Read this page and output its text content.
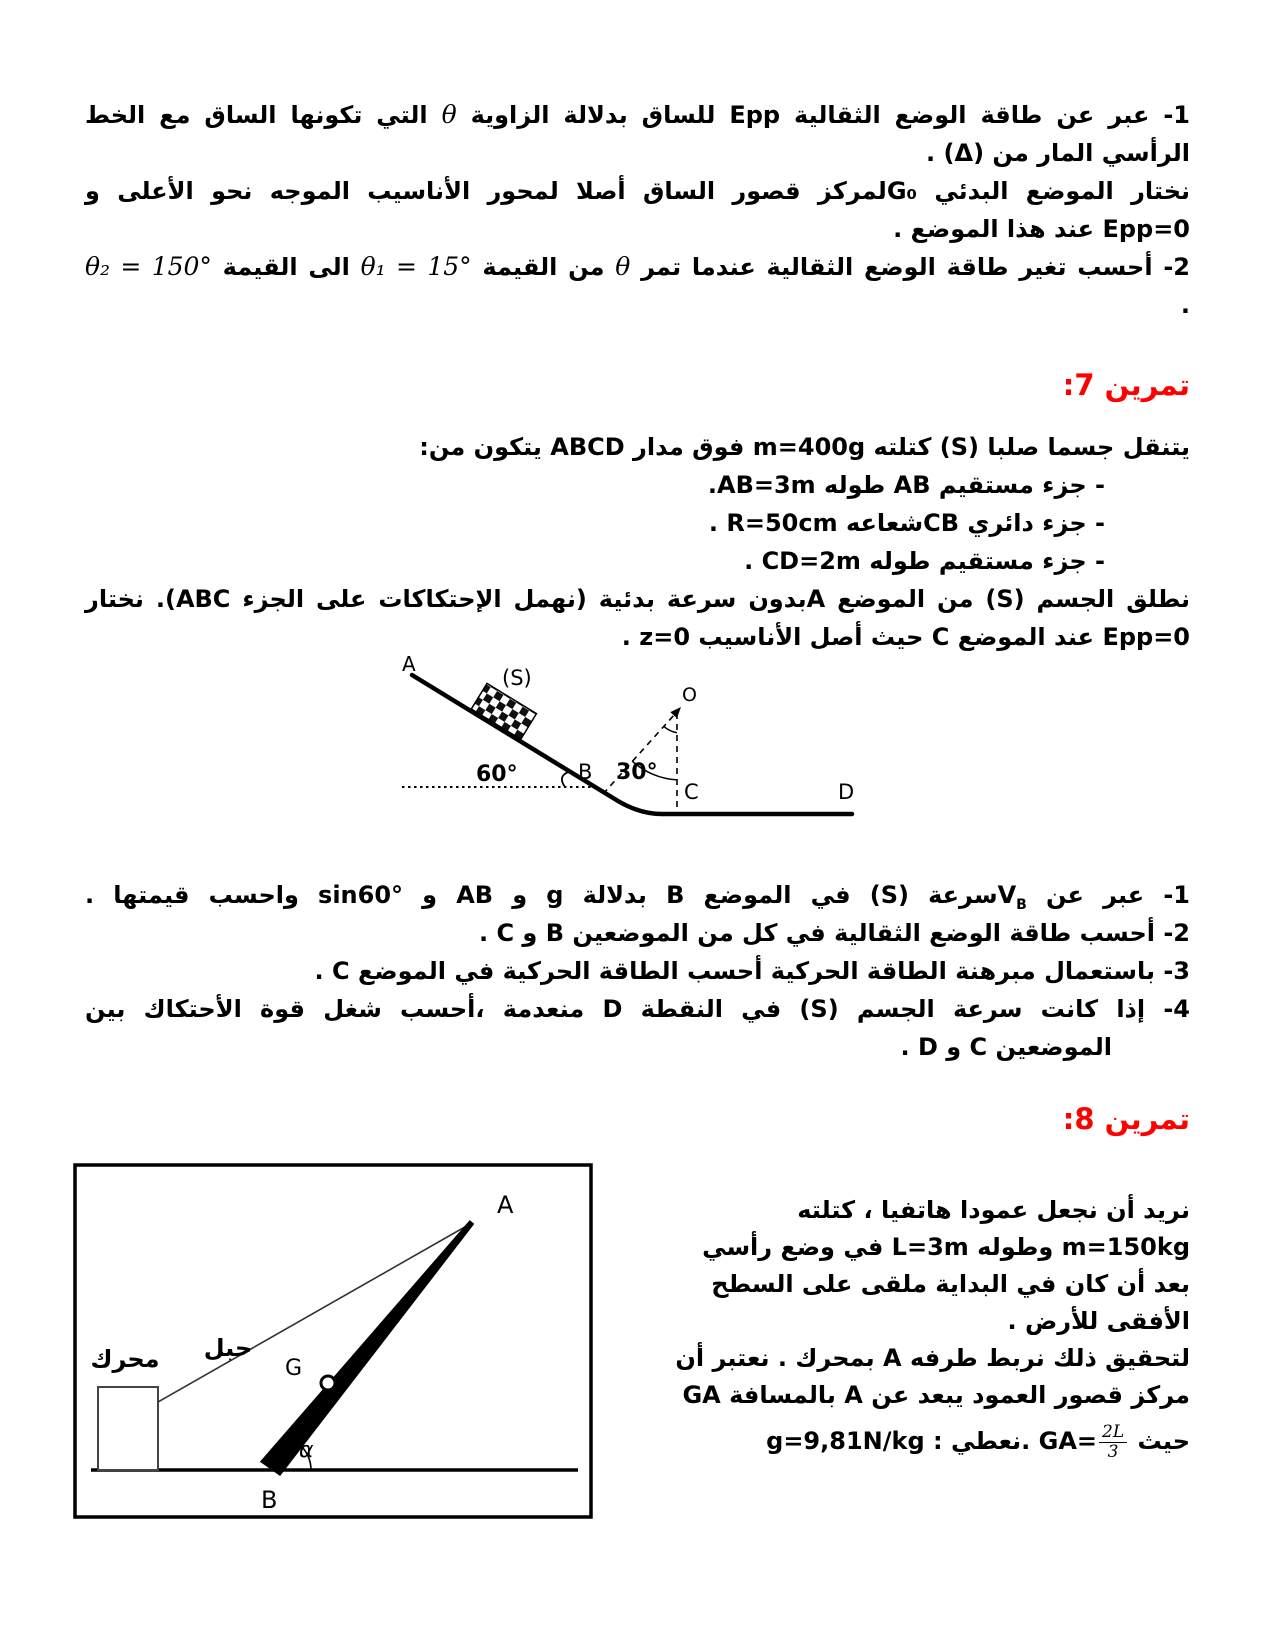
1- عبر عن طاقة الوضع الثقالية Epp للساق بدلالة الزاوية θ التي تكونها الساق مع الخط
الرأسي المار من (Δ) .
نختار الموضع البدئي G₀لمركز قصور الساق أصلا لمحور الأناسيب الموجه نحو الأعلى و
Epp=0 عند هذا الموضع .
2- أحسب تغير طاقة الوضع الثقالية عندما تمر θ من القيمة θ₁ = 15° الى القيمة θ₂ = 150°
.
تمرين 7:
يتنقل جسما صلبا (S) كتلته m=400g فوق مدار ABCD يتكون من:
- جزء مستقيم AB طوله AB=3m.
- جزء دائري CBشعاعه R=50cm .
- جزء مستقيم طوله CD=2m .
نطلق الجسم (S) من الموضع Aبدون سرعة بدئية (نهمل الإحتكاكات على الجزء ABC). نختار
Epp=0 عند الموضع C حيث أصل الأناسيب z=0 .
A
(S)
60°	B 30°
O
C	D
1- عبر عن $V_Bسرعة$ (S) في الموضع B بدلالة g و AB و sin60° واحسب قيمتها .
2- أحسب طاقة الوضع الثقالية في كل من الموضعين B و C .
3- باستعمال مبرهنة الطاقة الحركية أحسب الطاقة الحركية في الموضع C .
4- إذا كانت سرعة الجسم (S) في النقطة D منعدمة ،أحسب شغل قوة الأحتكاك بين
الموضعين C و D .
تمرين 8:
نريد أن نجعل عمودا هاتفيا ، كتلته
m=150kg وطوله L=3m في وضع رأسي
بعد أن كان في البداية ملقى على السطح
الأفقى للأرض .
لتحقيق ذلك نربط طرفه A بمحرك . نعتبر أن
مركز قصور العمود يبعد عن A بالمسافة GA
حيث $GA= \frac{2L}{3}$
.نعطي : g=9,81N/kg
محرك حبل
G
α
A
B
